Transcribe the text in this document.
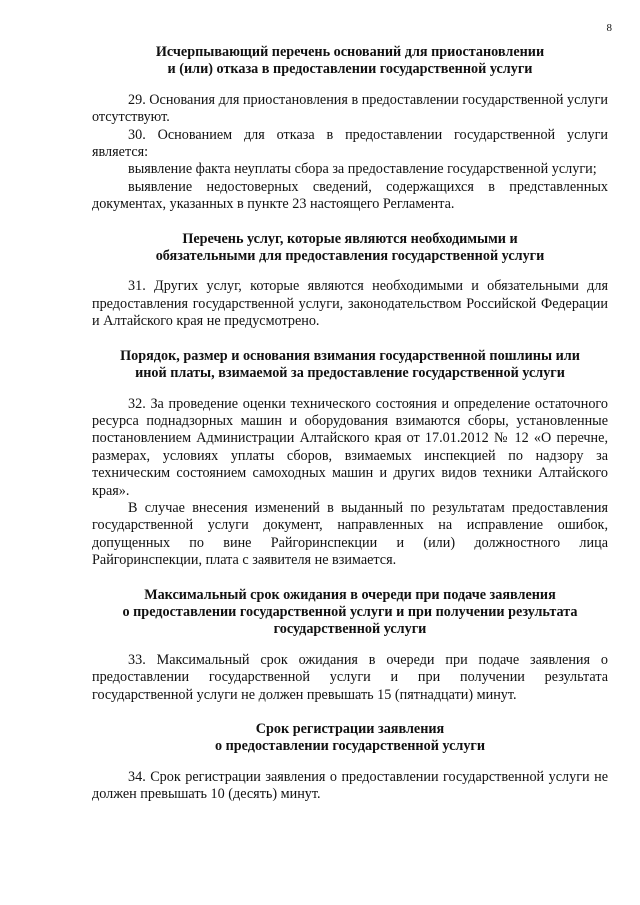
8

Исчерпывающий перечень оснований для приостановлении
и (или) отказа в предоставлении государственной услуги

29. Основания для приостановления в предоставлении государственной услуги отсутствуют.

30. Основанием для отказа в предоставлении государственной услуги является:

выявление факта неуплаты сбора за предоставление государственной услуги;

выявление недостоверных сведений, содержащихся в представленных документах, указанных в пункте 23 настоящего Регламента.

Перечень услуг, которые являются необходимыми и
обязательными для предоставления государственной услуги

31. Других услуг, которые являются необходимыми и обязательными для предоставления государственной услуги, законодательством Российской Федерации и Алтайского края не предусмотрено.

Порядок, размер и основания взимания государственной пошлины или
иной платы, взимаемой за предоставление государственной услуги

32. За проведение оценки технического состояния и определение остаточного ресурса поднадзорных машин и оборудования взимаются сборы, установленные постановлением Администрации Алтайского края от 17.01.2012 № 12 «О перечне, размерах, условиях уплаты сборов, взимаемых инспекцией по надзору за техническим состоянием самоходных машин и других видов техники Алтайского края».

В случае внесения изменений в выданный по результатам предоставления государственной услуги документ, направленных на исправление ошибок, допущенных по вине Райгоринспекции и (или) должностного лица Райгоринспекции, плата с заявителя не взимается.

Максимальный срок ожидания в очереди при подаче заявления
о предоставлении государственной услуги и при получении результата
государственной услуги

33. Максимальный срок ожидания в очереди при подаче заявления о предоставлении государственной услуги и при получении результата государственной услуги не должен превышать 15 (пятнадцати) минут.

Срок регистрации заявления
о предоставлении государственной услуги

34. Срок регистрации заявления о предоставлении государственной услуги не должен превышать 10 (десять) минут.
